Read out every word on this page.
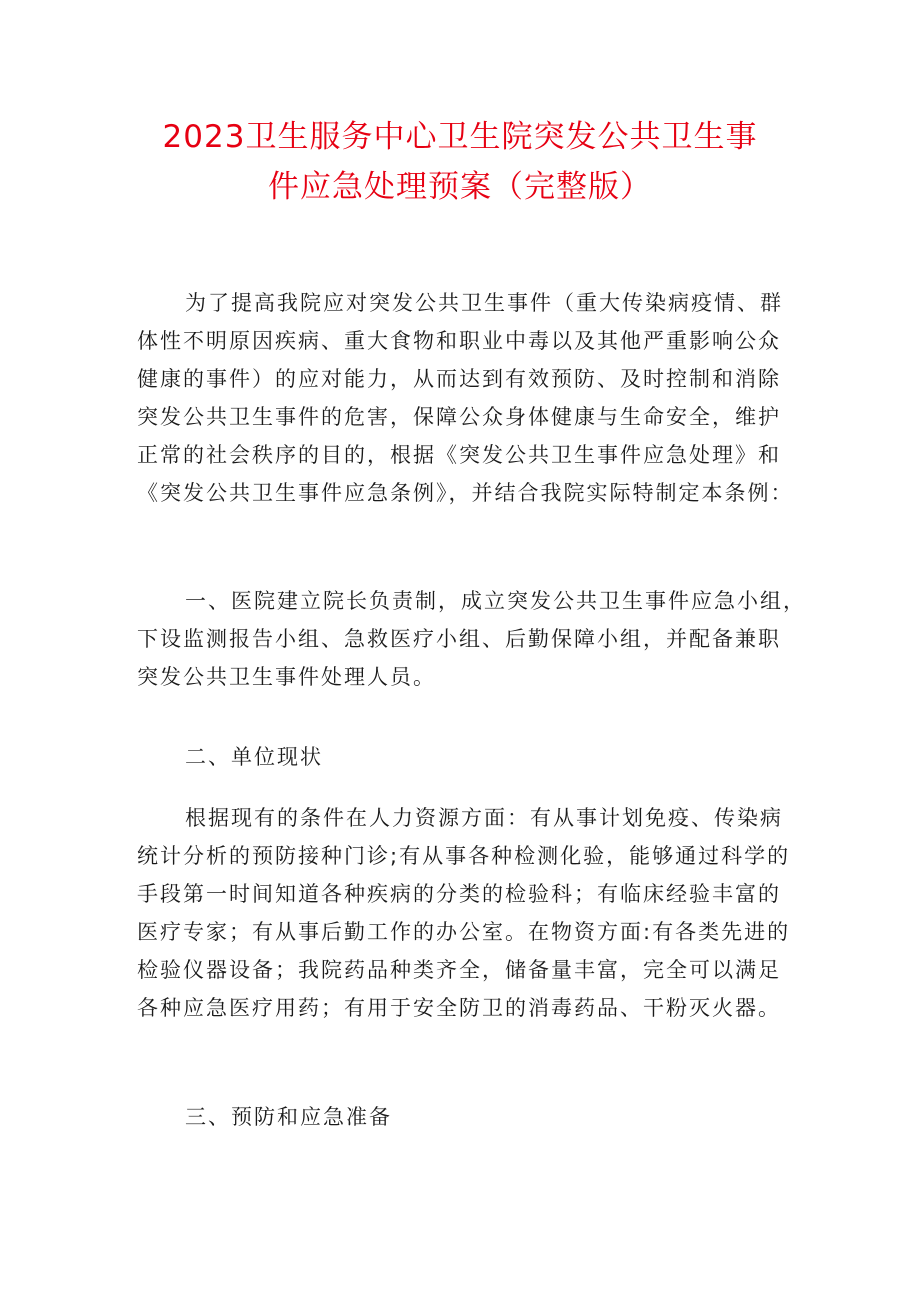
2023卫生服务中心卫生院突发公共卫生事
件应急处理预案（完整版）
为了提高我院应对突发公共卫生事件（重大传染病疫情、群
体性不明原因疾病、重大食物和职业中毒以及其他严重影响公众
健康的事件）的应对能力，从而达到有效预防、及时控制和消除
突发公共卫生事件的危害，保障公众身体健康与生命安全，维护
正常的社会秩序的目的，根据《突发公共卫生事件应急处理》和
《突发公共卫生事件应急条例》，并结合我院实际特制定本条例：
一、医院建立院长负责制，成立突发公共卫生事件应急小组，
下设监测报告小组、急救医疗小组、后勤保障小组，并配备兼职
突发公共卫生事件处理人员。
二、单位现状
根据现有的条件在人力资源方面：有从事计划免疫、传染病
统计分析的预防接种门诊;有从事各种检测化验，能够通过科学的
手段第一时间知道各种疾病的分类的检验科；有临床经验丰富的
医疗专家；有从事后勤工作的办公室。在物资方面:有各类先进的
检验仪器设备；我院药品种类齐全，储备量丰富，完全可以满足
各种应急医疗用药；有用于安全防卫的消毒药品、干粉灭火器。
三、预防和应急准备
